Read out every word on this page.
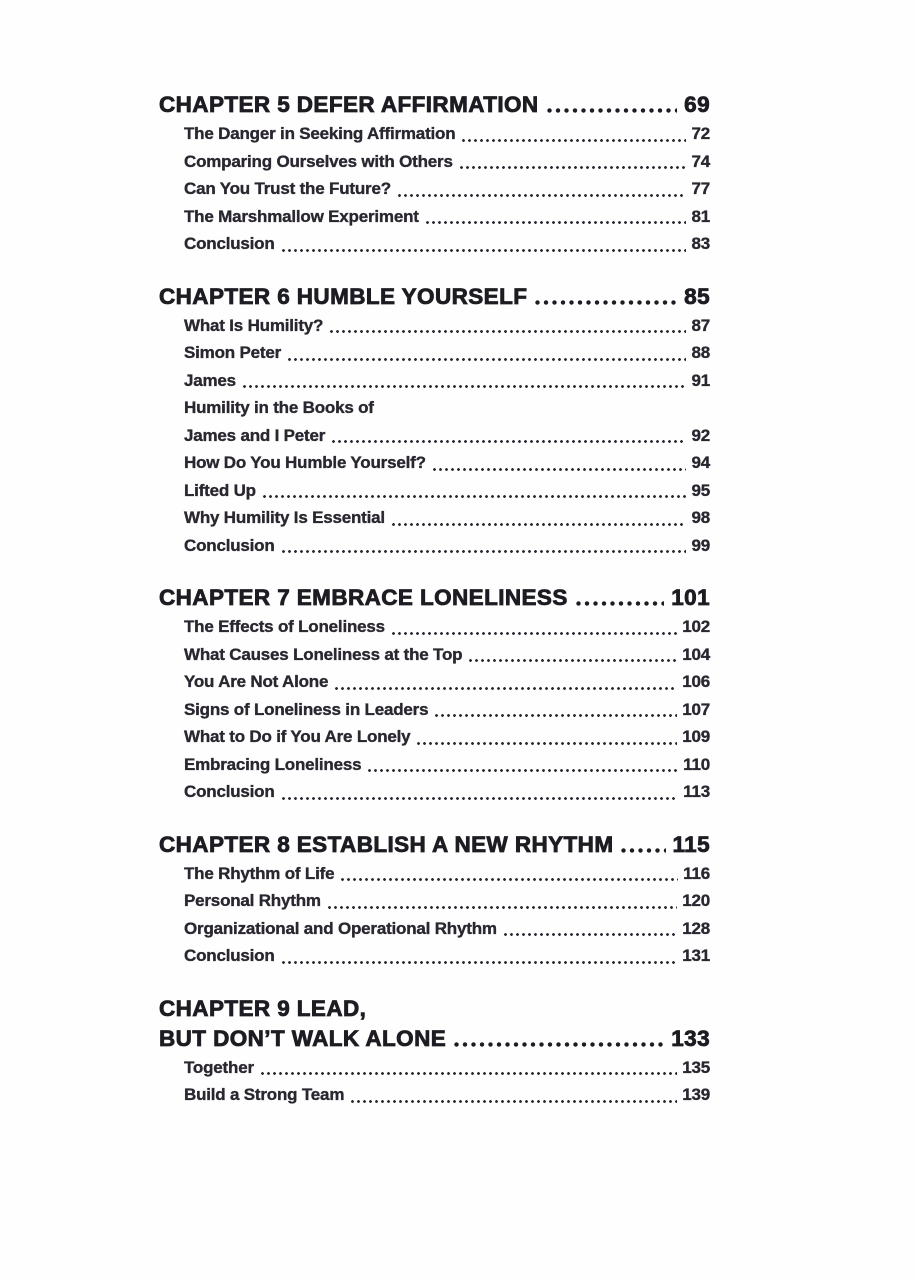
CHAPTER 5 DEFER AFFIRMATION	69
The Danger in Seeking Affirmation	72
Comparing Ourselves with Others	74
Can You Trust the Future?	77
The Marshmallow Experiment	81
Conclusion	83
CHAPTER 6 HUMBLE YOURSELF	85
What Is Humility?	87
Simon Peter	88
James	91
Humility in the Books of
James and I Peter	92
How Do You Humble Yourself?	94
Lifted Up	95
Why Humility Is Essential	98
Conclusion	99
CHAPTER 7 EMBRACE LONELINESS	101
The Effects of Loneliness	102
What Causes Loneliness at the Top	104
You Are Not Alone	106
Signs of Loneliness in Leaders	107
What to Do if You Are Lonely	109
Embracing Loneliness	110
Conclusion	113
CHAPTER 8 ESTABLISH A NEW RHYTHM	115
The Rhythm of Life	116
Personal Rhythm	120
Organizational and Operational Rhythm	128
Conclusion	131
CHAPTER 9 LEAD,
BUT DON’T WALK ALONE	133
Together	135
Build a Strong Team	139
